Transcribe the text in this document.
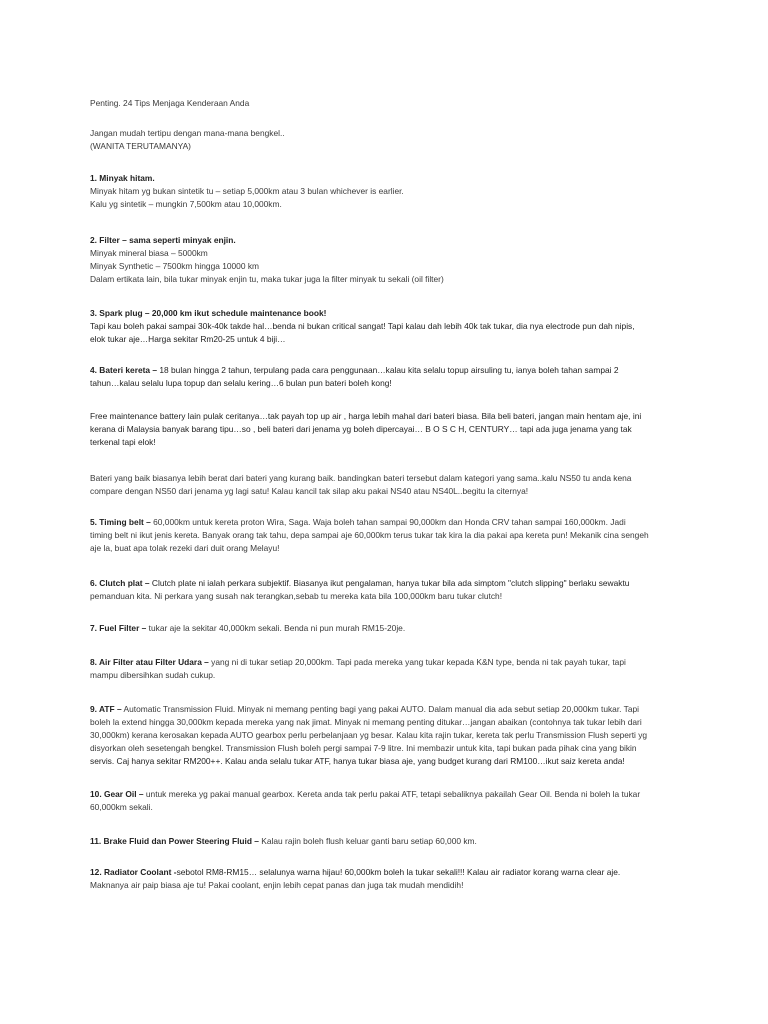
Penting. 24 Tips Menjaga Kenderaan Anda

Jangan mudah tertipu dengan mana-mana bengkel..

(WANITA TERUTAMANYA)

1. Minyak hitam.

Minyak hitam yg bukan sintetik tu – setiap 5,000km atau 3 bulan whichever is earlier.

Kalu yg sintetik – mungkin 7,500km atau 10,000km.

2. Filter – sama seperti minyak enjin.

Minyak mineral biasa – 5000km

Minyak Synthetic – 7500km hingga 10000 km

Dalam ertikata lain, bila tukar minyak enjin tu, maka tukar juga la filter minyak tu sekali (oil filter)

3. Spark plug – 20,000 km ikut schedule maintenance book!

Tapi kau boleh pakai sampai 30k-40k takde hal…benda ni bukan critical sangat! Tapi kalau dah lebih 40k tak tukar, dia nya electrode pun dah nipis,

elok tukar aje…Harga sekitar Rm20-25 untuk 4 biji…

4. Bateri kereta – 18 bulan hingga 2 tahun, terpulang pada cara penggunaan…kalau kita selalu topup airsuling tu, ianya boleh tahan sampai 2

tahun…kalau selalu lupa topup dan selalu kering…6 bulan pun bateri boleh kong!

Free maintenance battery lain pulak ceritanya…tak payah top up air , harga lebih mahal dari bateri biasa. Bila beli bateri, jangan main hentam aje, ini

kerana di Malaysia banyak barang tipu…so , beli bateri dari jenama yg boleh dipercayai… B O S C H, CENTURY… tapi ada juga jenama yang tak

terkenal tapi elok!

Bateri yang baik biasanya lebih berat dari bateri yang kurang baik. bandingkan bateri tersebut dalam kategori yang sama..kalu NS50 tu anda kena

compare dengan NS50 dari jenama yg lagi satu! Kalau kancil tak silap aku pakai NS40 atau NS40L..begitu la citernya!

5. Timing belt – 60,000km untuk kereta proton Wira, Saga. Waja boleh tahan sampai 90,000km dan Honda CRV tahan sampai 160,000km. Jadi

timing belt ni ikut jenis kereta. Banyak orang tak tahu, depa sampai aje 60,000km terus tukar tak kira la dia pakai apa kereta pun! Mekanik cina sengeh

aje la, buat apa tolak rezeki dari duit orang Melayu!

6. Clutch plat – Clutch plate ni ialah perkara subjektif. Biasanya ikut pengalaman, hanya tukar bila ada simptom "clutch slipping" berlaku sewaktu

pemanduan kita. Ni perkara yang susah nak terangkan,sebab tu mereka kata bila 100,000km baru tukar clutch!

7. Fuel Filter – tukar aje la sekitar 40,000km sekali. Benda ni pun murah RM15-20je.

8. Air Filter atau Filter Udara – yang ni di tukar setiap 20,000km. Tapi pada mereka yang tukar kepada K&N type, benda ni tak payah tukar, tapi

mampu dibersihkan sudah cukup.

9. ATF – Automatic Transmission Fluid. Minyak ni memang penting bagi yang pakai AUTO. Dalam manual dia ada sebut setiap 20,000km tukar. Tapi

boleh la extend hingga 30,000km kepada mereka yang nak jimat. Minyak ni memang penting ditukar…jangan abaikan (contohnya tak tukar lebih dari

30,000km) kerana kerosakan kepada AUTO gearbox perlu perbelanjaan yg besar. Kalau kita rajin tukar, kereta tak perlu Transmission Flush seperti yg

disyorkan oleh sesetengah bengkel. Transmission Flush boleh pergi sampai 7-9 litre. Ini membazir untuk kita, tapi bukan pada pihak cina yang bikin

servis. Caj hanya sekitar RM200++. Kalau anda selalu tukar ATF, hanya tukar biasa aje, yang budget kurang dari RM100…ikut saiz kereta anda!

10. Gear Oil – untuk mereka yg pakai manual gearbox. Kereta anda tak perlu pakai ATF, tetapi sebaliknya pakailah Gear Oil. Benda ni boleh la tukar

60,000km sekali.

11. Brake Fluid dan Power Steering Fluid – Kalau rajin boleh flush keluar ganti baru setiap 60,000 km.

12. Radiator Coolant -sebotol RM8-RM15… selalunya warna hijau! 60,000km boleh la tukar sekali!!! Kalau air radiator korang warna clear aje.

Maknanya air paip biasa aje tu! Pakai coolant, enjin lebih cepat panas dan juga tak mudah mendidih!
